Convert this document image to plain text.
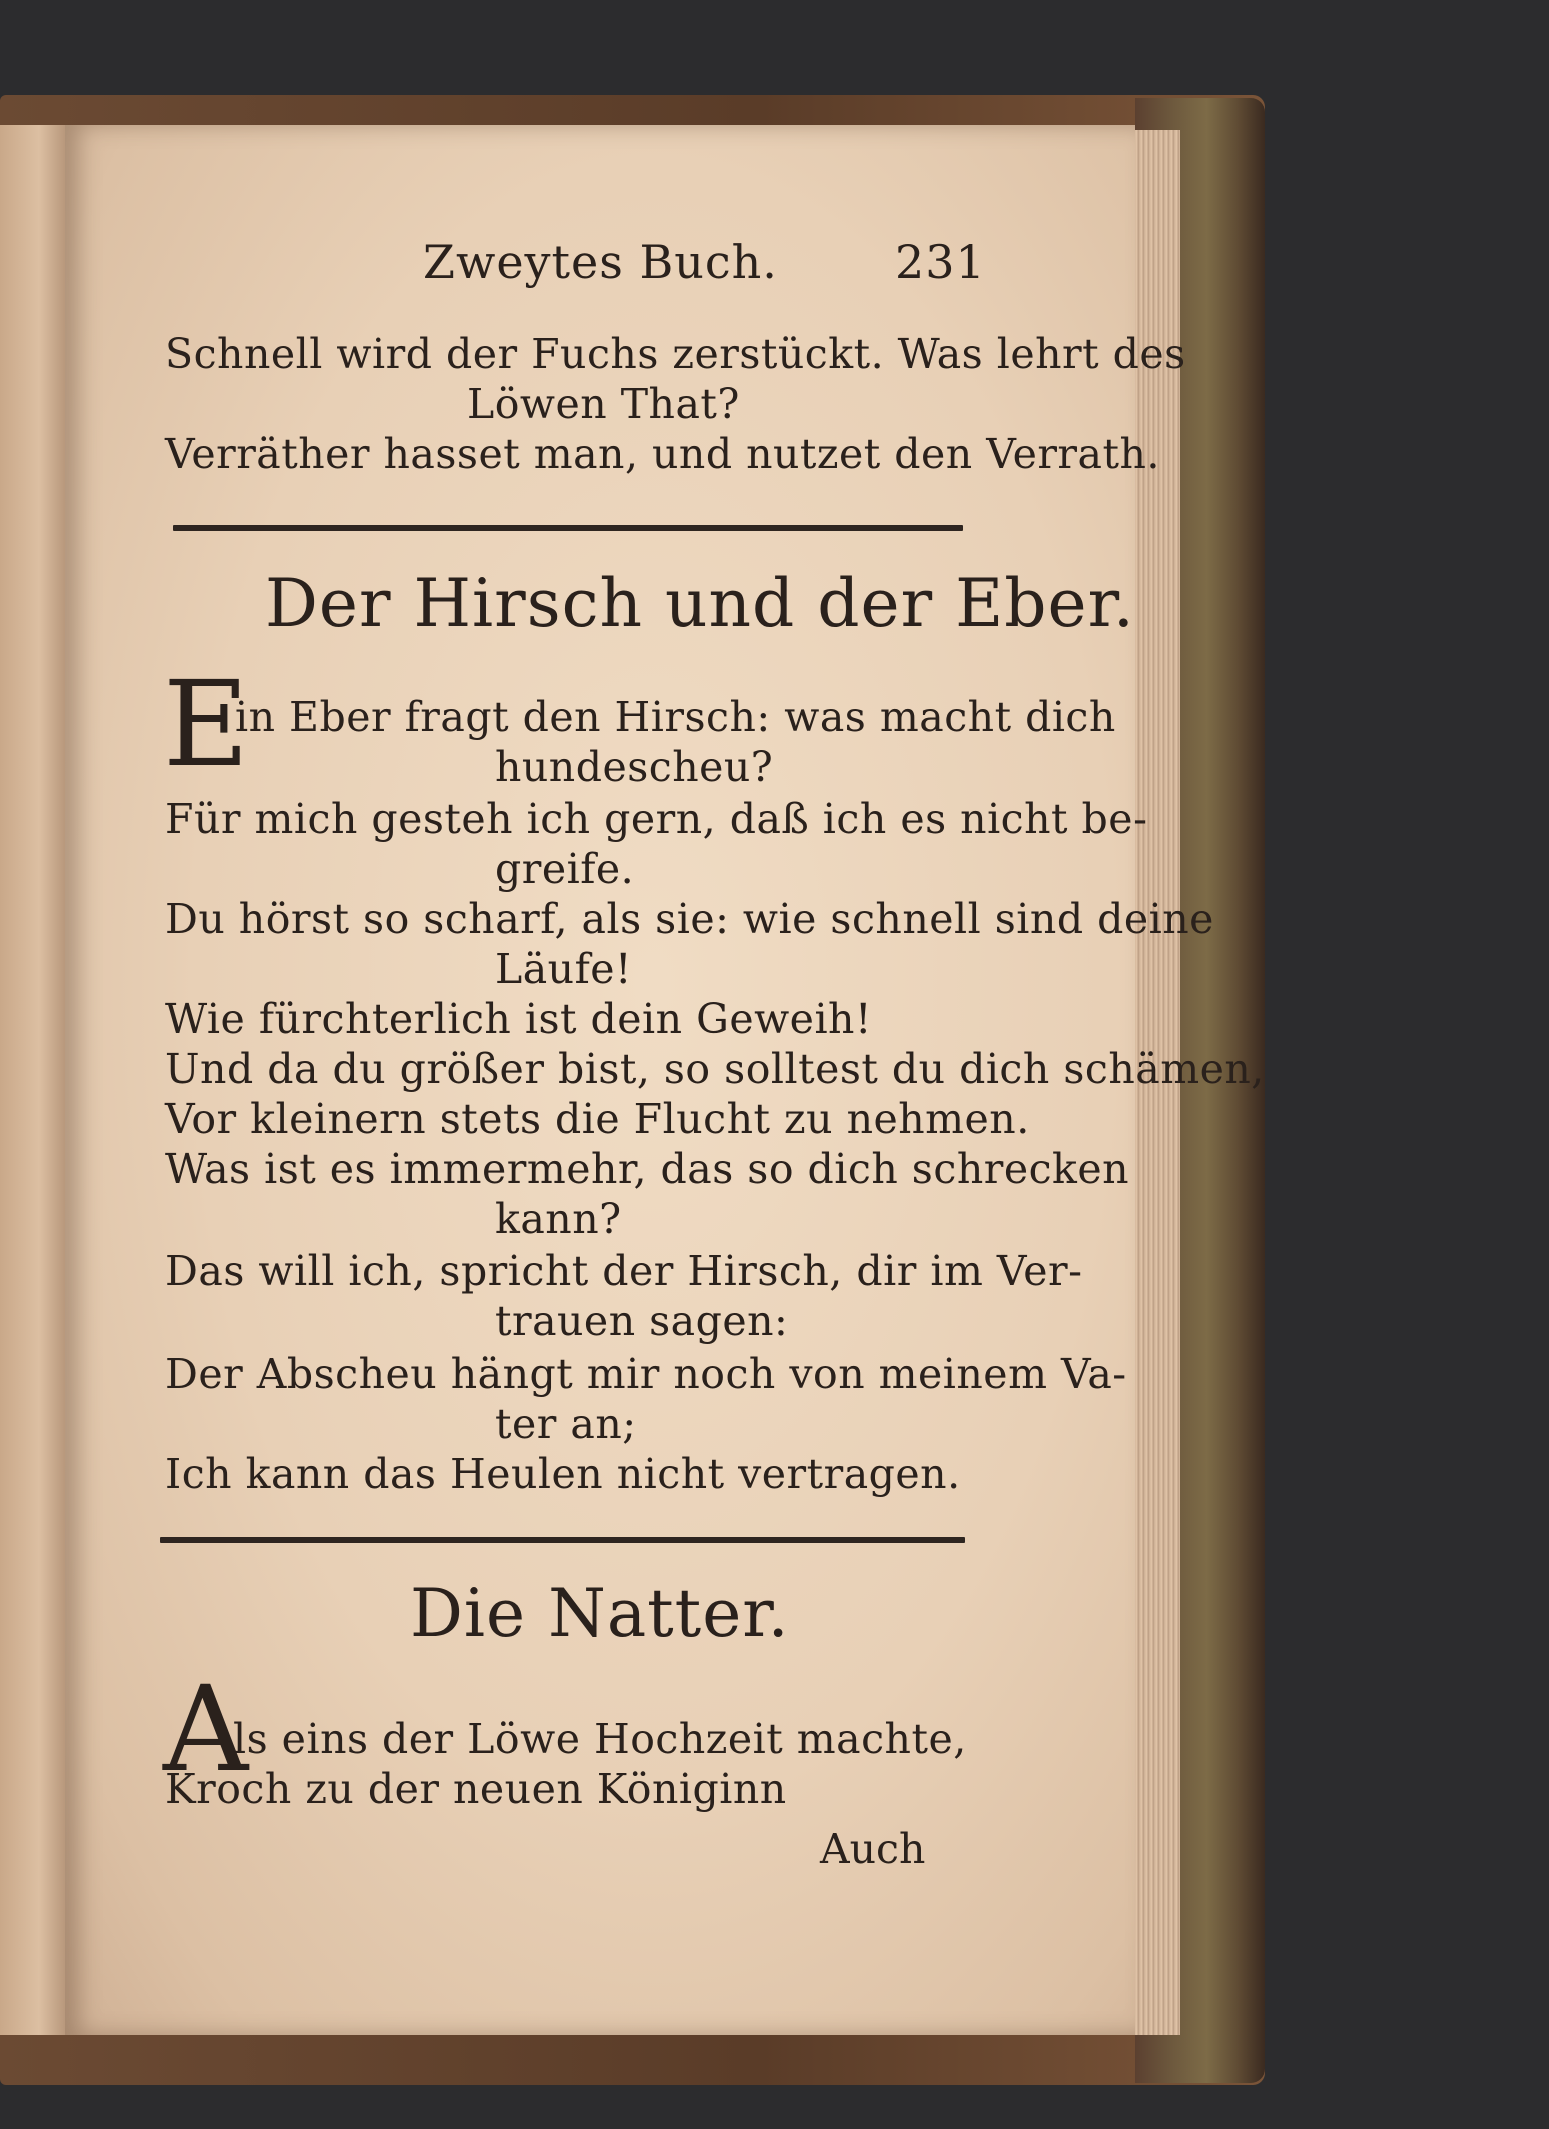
Zweytes Buch.	231
Schnell wird der Fuchs zerstückt. Was lehrt des
Löwen That?
Verräther hasset man, und nutzet den Verrath.
Der Hirsch und der Eber.
E
in Eber fragt den Hirsch: was macht dich
hundescheu?
Für mich gesteh ich gern, daß ich es nicht be-
greife.
Du hörst so scharf, als sie: wie schnell sind deine
Läufe!
Wie fürchterlich ist dein Geweih!
Und da du größer bist, so solltest du dich schämen,
Vor kleinern stets die Flucht zu nehmen.
Was ist es immermehr, das so dich schrecken
kann?
Das will ich, spricht der Hirsch, dir im Ver-
trauen sagen:
Der Abscheu hängt mir noch von meinem Va-
ter an;
Ich kann das Heulen nicht vertragen.
Die Natter.
A
ls eins der Löwe Hochzeit machte,
Kroch zu der neuen Königinn
Auch
